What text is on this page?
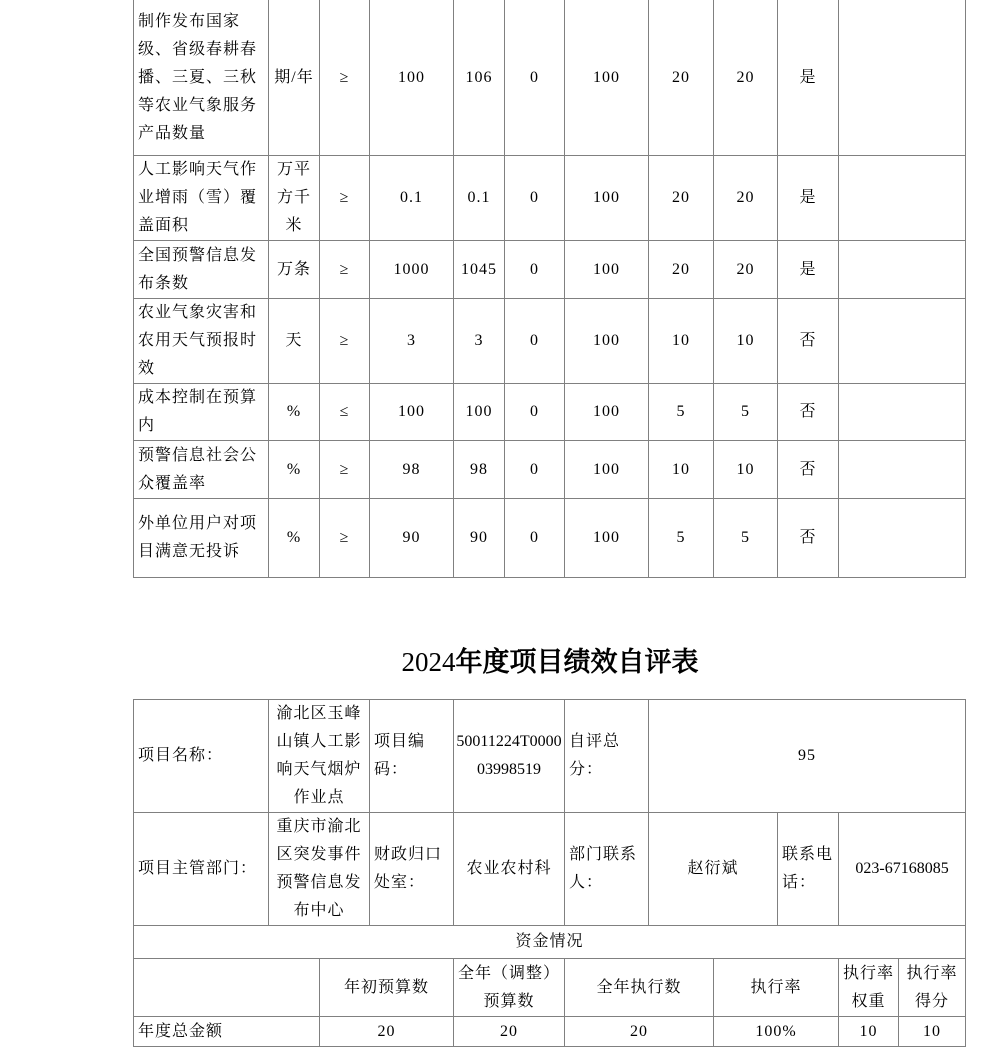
制作发布国家级、省级春耕春播、三夏、三秋等农业气象服务产品数量	期/年	≥	100	106	0	100	20	20	是	
人工影响天气作业增雨（雪）覆盖面积	万平方千米	≥	0.1	0.1	0	100	20	20	是	
全国预警信息发布条数	万条	≥	1000	1045	0	100	20	20	是	
农业气象灾害和农用天气预报时效	天	≥	3	3	0	100	10	10	否	
成本控制在预算内	%	≤	100	100	0	100	5	5	否	
预警信息社会公众覆盖率	%	≥	98	98	0	100	10	10	否	
外单位用户对项目满意无投诉	%	≥	90	90	0	100	5	5	否	
2024年度项目绩效自评表
项目名称：	渝北区玉峰山镇人工影响天气烟炉作业点		项目编码：	50011224T000003998519	自评总分：	95				
项目主管部门：	重庆市渝北区突发事件预警信息发布中心		财政归口处室：	农业农村科	部门联系人：	赵衍斌		联系电话：	023-67168085	
资金情况										
		年初预算数		全年（调整）预算数	全年执行数		执行率		执行率权重	执行率得分
年度总金额		20		20	20		100%		10	10
